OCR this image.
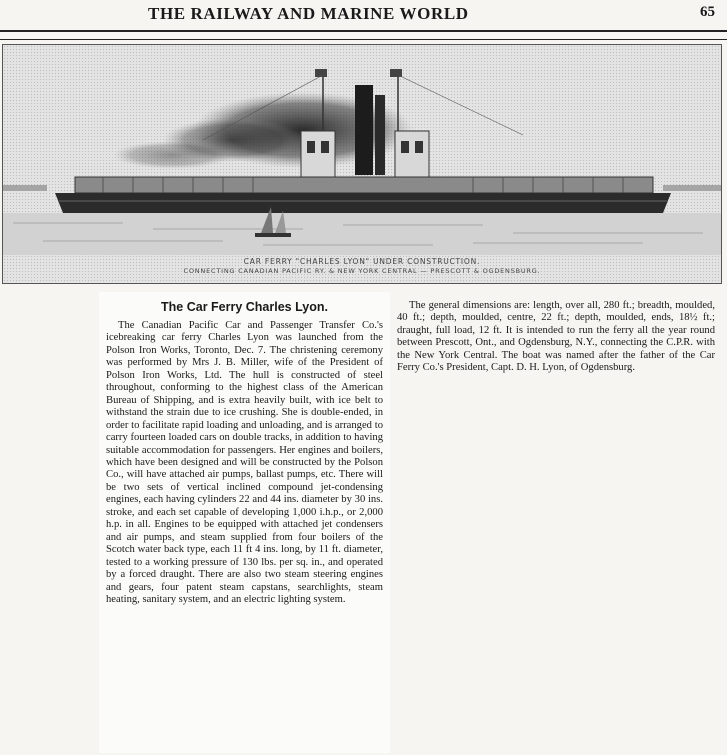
THE RAILWAY AND MARINE WORLD	65
CAR FERRY "CHARLES LYON" UNDER CONSTRUCTION.
CONNECTING CANADIAN PACIFIC RY. & NEW YORK CENTRAL — PRESCOTT & OGDENSBURG.
The Car Ferry Charles Lyon.

The Canadian Pacific Car and Passenger Transfer Co.'s icebreaking car ferry Charles Lyon was launched from the Polson Iron Works, Toronto, Dec. 7. The christening ceremony was performed by Mrs J. B. Miller, wife of the President of Polson Iron Works, Ltd. The hull is constructed of steel throughout, conforming to the highest class of the American Bureau of Shipping, and is extra heavily built, with ice belt to withstand the strain due to ice crushing. She is double-ended, in order to facilitate rapid loading and unloading, and is arranged to carry fourteen loaded cars on double tracks, in addition to having suitable accommodation for passengers. Her engines and boilers, which have been designed and will be constructed by the Polson Co., will have attached air pumps, ballast pumps, etc. There will be two sets of vertical inclined compound jet-condensing engines, each having cylinders 22 and 44 ins. diameter by 30 ins. stroke, and each set capable of developing 1,000 i.h.p., or 2,000 h.p. in all. Engines to be equipped with attached jet condensers and air pumps, and steam supplied from four boilers of the Scotch water back type, each 11 ft 4 ins. long, by 11 ft. diameter, tested to a working pressure of 130 lbs. per sq. in., and operated by a forced draught. There are also two steam steering engines and gears, four patent steam capstans, searchlights, steam heating, sanitary system, and an electric lighting system.

The general dimensions are: length, over all, 280 ft.; breadth, moulded, 40 ft.; depth, moulded, centre, 22 ft.; depth, moulded, ends, 18½ ft.; draught, full load, 12 ft. It is intended to run the ferry all the year round between Prescott, Ont., and Ogdensburg, N.Y., connecting the C.P.R. with the New York Central. The boat was named after the father of the Car Ferry Co.'s President, Capt. D. H. Lyon, of Ogdensburg.
